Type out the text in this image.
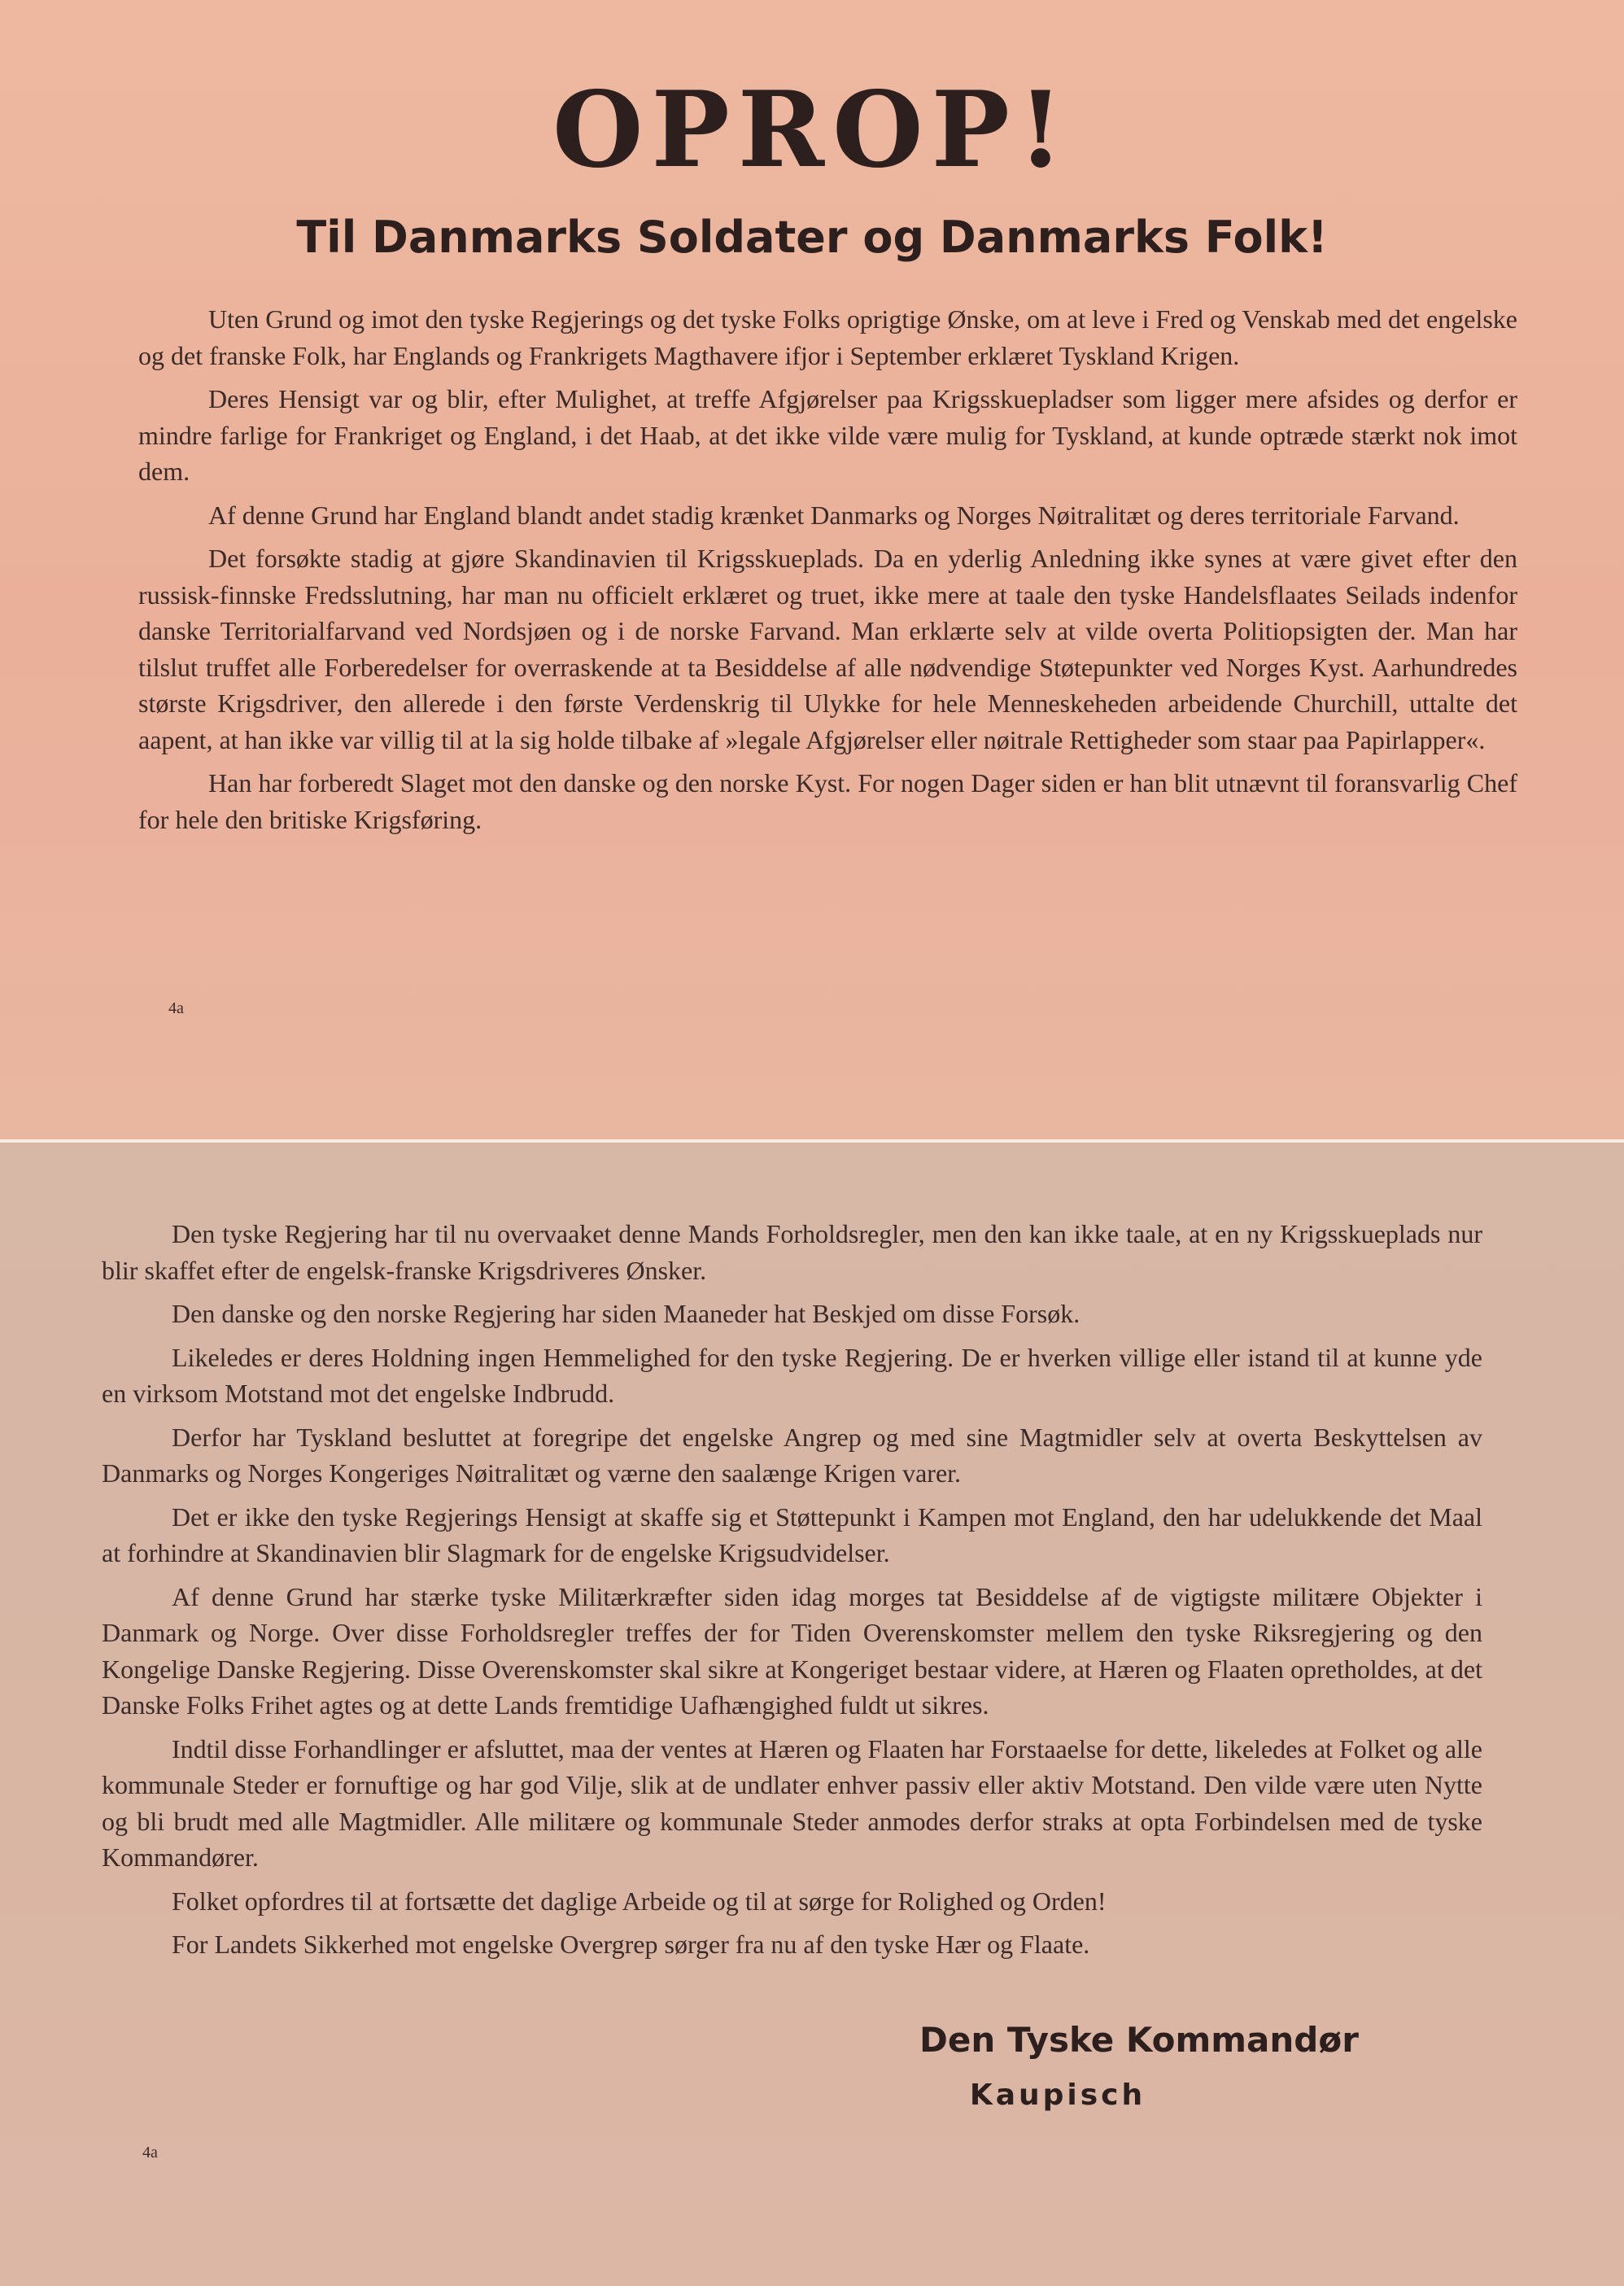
OPROP!
Til Danmarks Soldater og Danmarks Folk!

Uten Grund og imot den tyske Regjerings og det tyske Folks oprigtige Ønske, om at leve i Fred og Venskab med det engelske og det franske Folk, har Englands og Frankrigets Magthavere ifjor i September erklæret Tyskland Krigen.

Deres Hensigt var og blir, efter Mulighet, at treffe Afgjørelser paa Krigsskuepladser som ligger mere afsides og derfor er mindre farlige for Frankriget og England, i det Haab, at det ikke vilde være mulig for Tyskland, at kunde optræde stærkt nok imot dem.

Af denne Grund har England blandt andet stadig krænket Danmarks og Norges Nøitralitæt og deres territoriale Farvand.

Det forsøkte stadig at gjøre Skandinavien til Krigsskueplads. Da en yderlig Anledning ikke synes at være givet efter den russisk-finnske Fredsslutning, har man nu officielt erklæret og truet, ikke mere at taale den tyske Handelsflaates Seilads indenfor danske Territorialfarvand ved Nordsjøen og i de norske Farvand. Man erklærte selv at vilde overta Politiopsigten der. Man har tilslut truffet alle Forberedelser for overraskende at ta Besiddelse af alle nødvendige Støtepunkter ved Norges Kyst. Aarhundredes største Krigsdriver, den allerede i den første Verdenskrig til Ulykke for hele Menneskeheden arbeidende Churchill, uttalte det aapent, at han ikke var villig til at la sig holde tilbake af »legale Afgjørelser eller nøitrale Rettigheder som staar paa Papirlapper«.

Han har forberedt Slaget mot den danske og den norske Kyst. For nogen Dager siden er han blit utnævnt til foransvarlig Chef for hele den britiske Krigsføring.

4a

Den tyske Regjering har til nu overvaaket denne Mands Forholdsregler, men den kan ikke taale, at en ny Krigsskueplads nur blir skaffet efter de engelsk-franske Krigsdriveres Ønsker.

Den danske og den norske Regjering har siden Maaneder hat Beskjed om disse Forsøk.

Likeledes er deres Holdning ingen Hemmelighed for den tyske Regjering. De er hverken villige eller istand til at kunne yde en virksom Motstand mot det engelske Indbrudd.

Derfor har Tyskland besluttet at foregripe det engelske Angrep og med sine Magtmidler selv at overta Beskyttelsen av Danmarks og Norges Kongeriges Nøitralitæt og værne den saalænge Krigen varer.

Det er ikke den tyske Regjerings Hensigt at skaffe sig et Støttepunkt i Kampen mot England, den har udelukkende det Maal at forhindre at Skandinavien blir Slagmark for de engelske Krigsudvidelser.

Af denne Grund har stærke tyske Militærkræfter siden idag morges tat Besiddelse af de vigtigste militære Objekter i Danmark og Norge. Over disse Forholdsregler treffes der for Tiden Overenskomster mellem den tyske Riksregjering og den Kongelige Danske Regjering. Disse Overenskomster skal sikre at Kongeriget bestaar videre, at Hæren og Flaaten opretholdes, at det Danske Folks Frihet agtes og at dette Lands fremtidige Uafhængighed fuldt ut sikres.

Indtil disse Forhandlinger er afsluttet, maa der ventes at Hæren og Flaaten har Forstaaelse for dette, likeledes at Folket og alle kommunale Steder er fornuftige og har god Vilje, slik at de undlater enhver passiv eller aktiv Motstand. Den vilde være uten Nytte og bli brudt med alle Magtmidler. Alle militære og kommunale Steder anmodes derfor straks at opta Forbindelsen med de tyske Kommandører.

Folket opfordres til at fortsætte det daglige Arbeide og til at sørge for Rolighed og Orden!

For Landets Sikkerhed mot engelske Overgrep sørger fra nu af den tyske Hær og Flaate.

Den Tyske Kommandør
Kaupisch
4a
